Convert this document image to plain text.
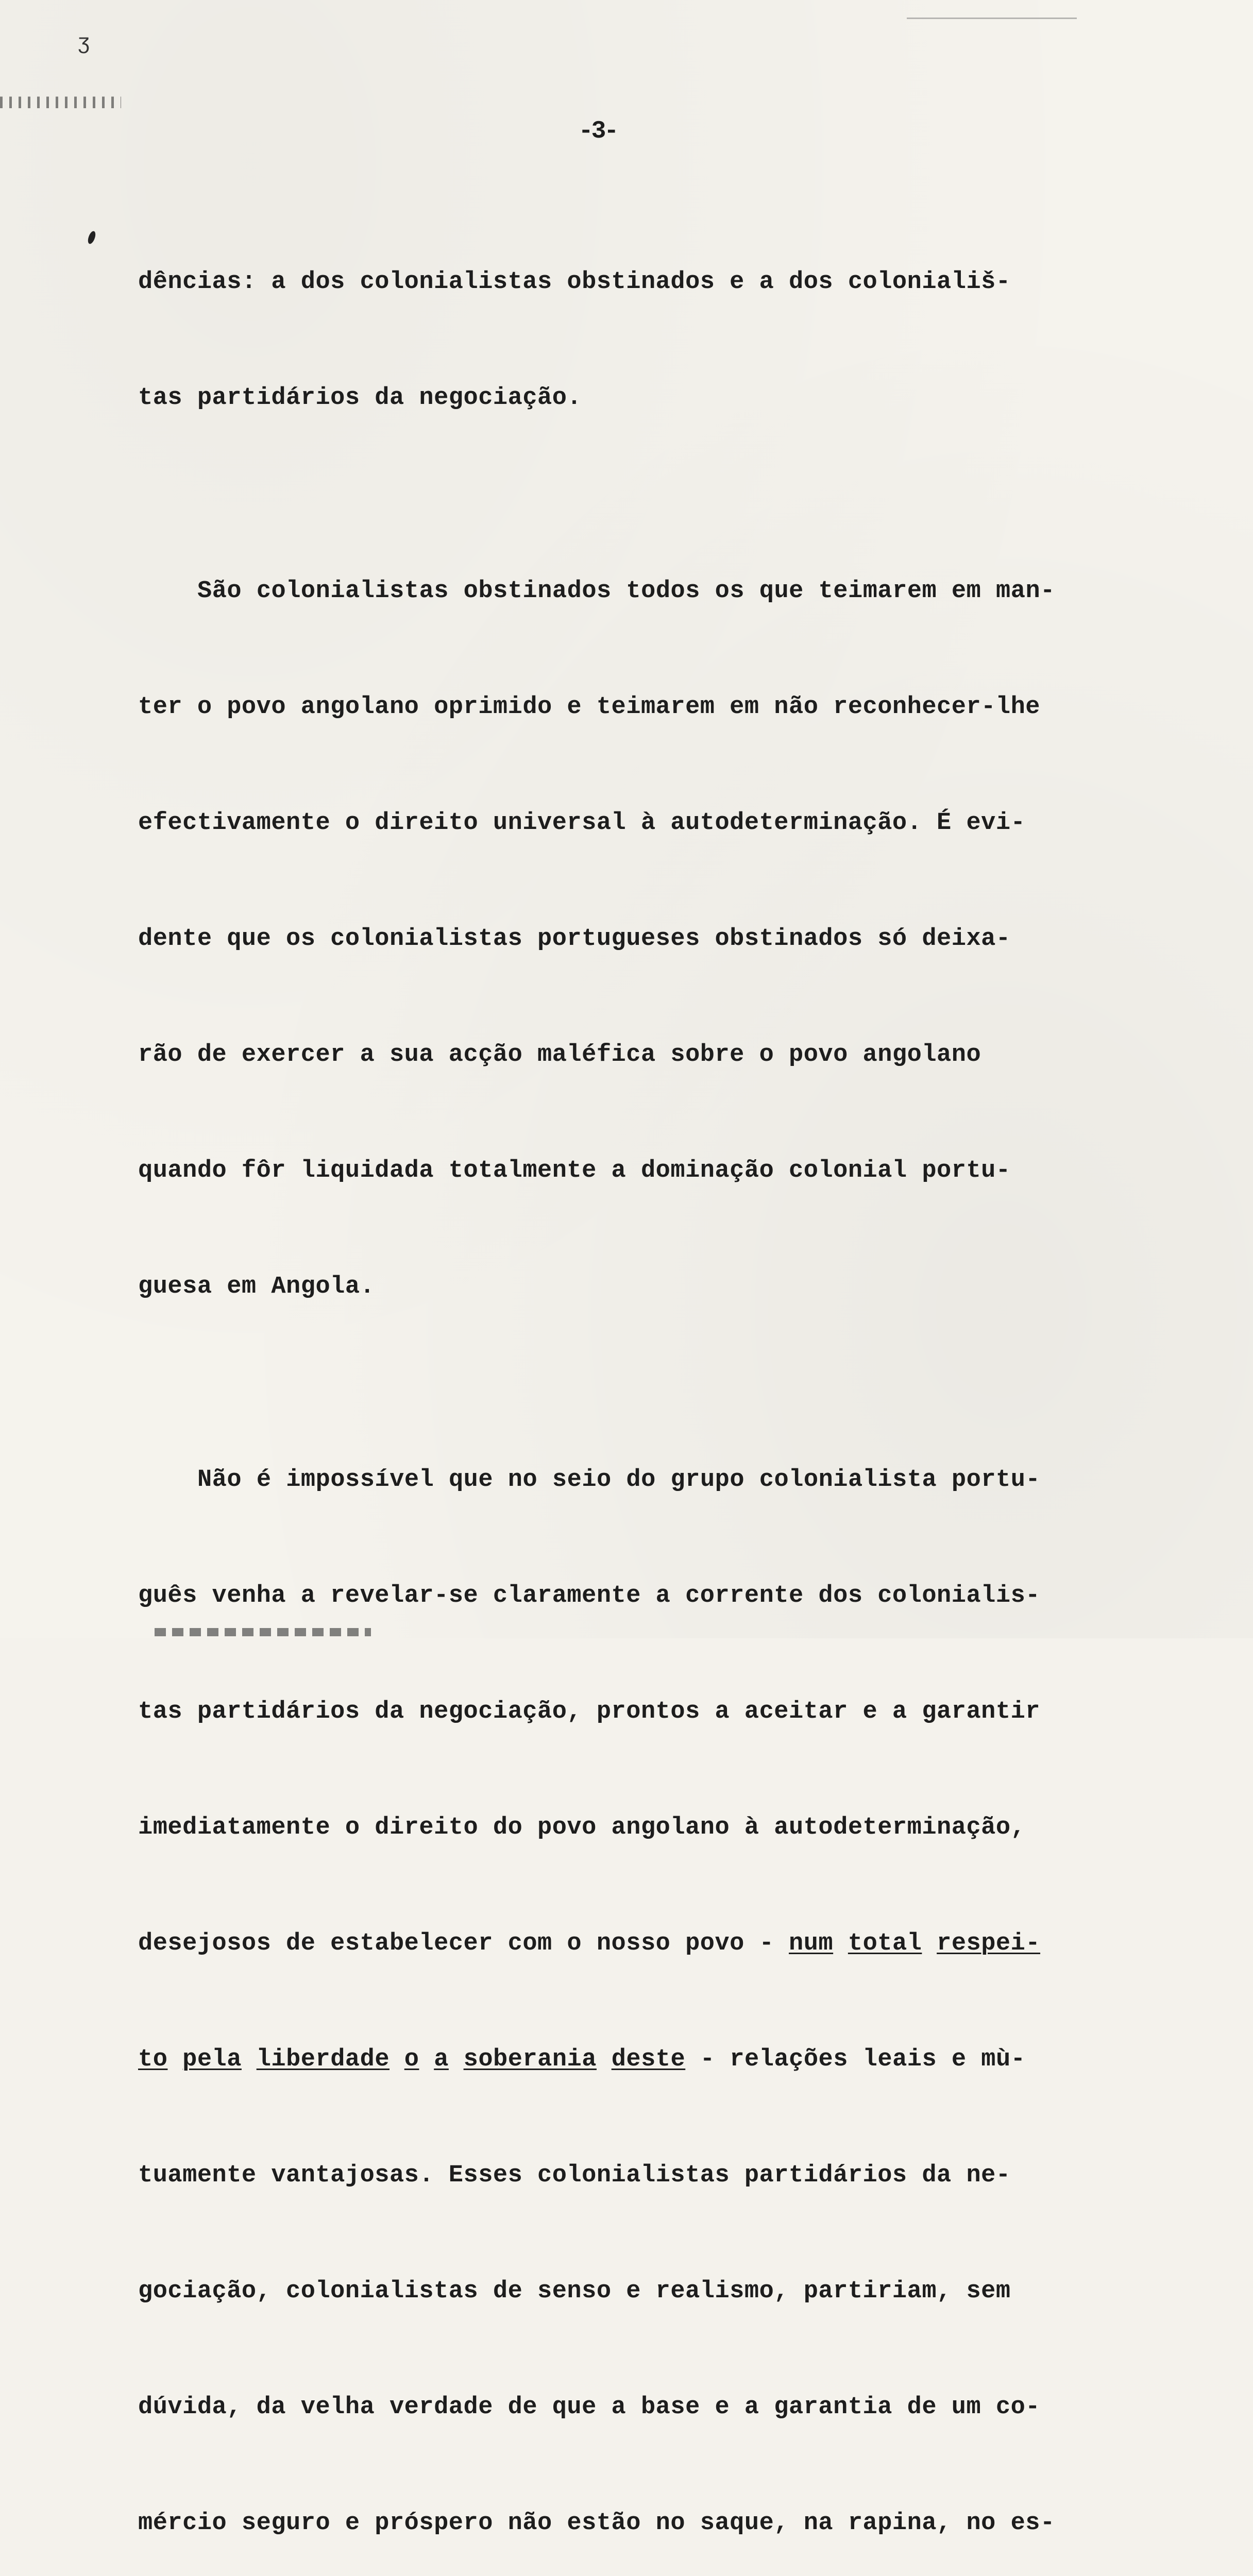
ʒ
-3-

dências: a dos colonialistas obstinados e a dos coloniališ-

tas partidários da negociação.

São colonialistas obstinados todos os que teimarem em man-

ter o povo angolano oprimido e teimarem em não reconhecer-lhe

efectivamente o direito universal à autodeterminação. É evi-

dente que os colonialistas portugueses obstinados só deixa-

rão de exercer a sua acção maléfica sobre o povo angolano

quando fôr liquidada totalmente a dominação colonial portu-

guesa em Angola.

Não é impossível que no seio do grupo colonialista portu-

guês venha a revelar-se claramente a corrente dos colonialis-

tas partidários da negociação, prontos a aceitar e a garantir

imediatamente o direito do povo angolano à autodeterminação,

desejosos de estabelecer com o nosso povo - num total respei-

to pela liberdade o a soberania deste - relações leais e mù-

tuamente vantajosas. Esses colonialistas partidários da ne-

gociação, colonialistas de senso e realismo, partiriam, sem

dúvida, da velha verdade de que a base e a garantia de um co-

mércio seguro e próspero não estão no saque, na rapina, no es-
